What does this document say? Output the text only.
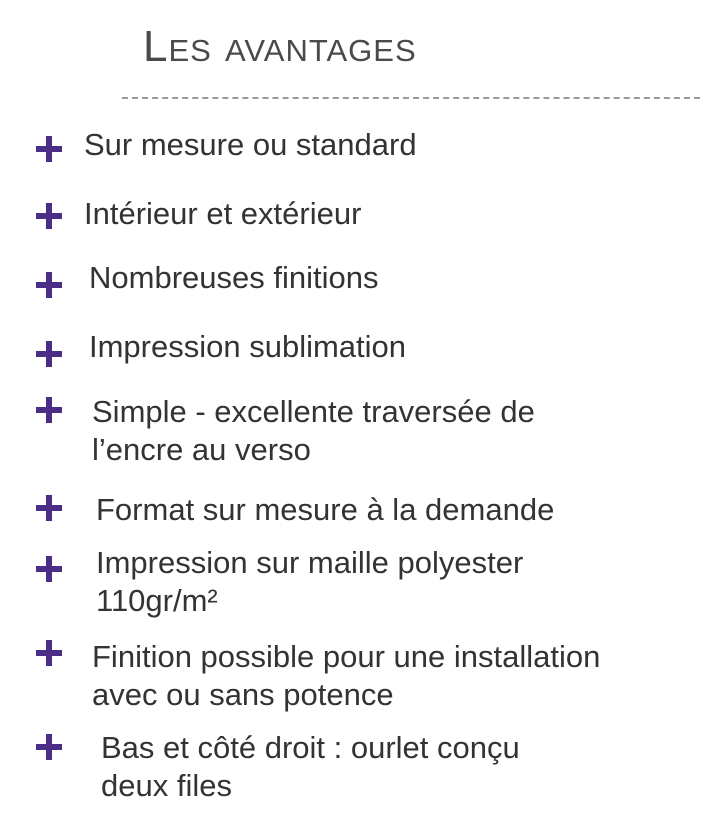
Les avantages
Sur mesure ou standard
Intérieur et extérieur
Nombreuses finitions
Impression sublimation
Simple - excellente traversée de
l’encre au verso
Format sur mesure à la demande
Impression sur maille polyester
110gr/m²
Finition possible pour une installation
avec ou sans potence
Bas et côté droit : ourlet conçu
deux files
